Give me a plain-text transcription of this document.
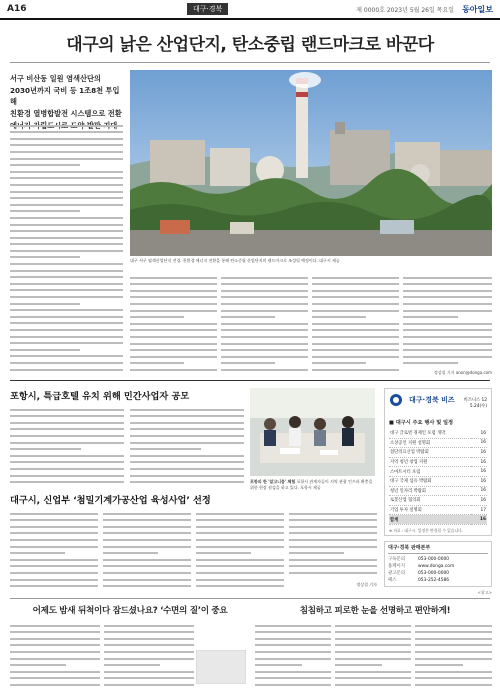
A16	대구·경북	제 0000호 2023년 5월 26일 목요일 동아일보
대구의 낡은 산업단지, 탄소중립 랜드마크로 바꾼다
서구 비산동 일원 염색산단의
2030년까지 국비 등 1조8천 투입해
친환경 열병합발전 시스템으로 전환
정상철 기자 anon@donga.com
대구 서구 염색산업단지 전경. 친환경 에너지 전환을 통해 탄소중립 산업단지의 랜드마크로 조성될 예정이다. 대구시 제공
포항시, 특급호텔 유치 위해 민간사업자 공모
포항의 한 '알고니즘' 체험 포항시 관계자들이 지역 관광 인프라 확충을 위한 현장 점검을 하고 있다. 포항시 제공
대구시, 신업부 ‘첨밀기계가공산업 육성사업’ 선정
정상철 기자
대구·경북 비즈	비즈니스 12
5.24(수)
■ 대구시 주요 행사 및 일정
대구 글로벌 경제인 포럼 개막	16
소상공인 지원 설명회	16
첨단의료산업 박람회	16
지역 청년 창업 지원	16
스마트시티 포럼	16
대구 국제 섬유 박람회	16
청년 일자리 박람회	16
로봇산업 협의회	16
기업 투자 설명회	17
합계	16
※ 자료 : 대구시. 일정은 변경될 수 있습니다.
대구·경북 판매본부
구독문의	053-000-0000
홈페이지	www.donga.com
광고문의	053-000-0000
팩스	053-252-4586
<광고>
어제도 밤새 뒤척이다 잠드셨나요? ‘수면의 질’이 중요	침침하고 피로한 눈을 선명하고 편안하게!
